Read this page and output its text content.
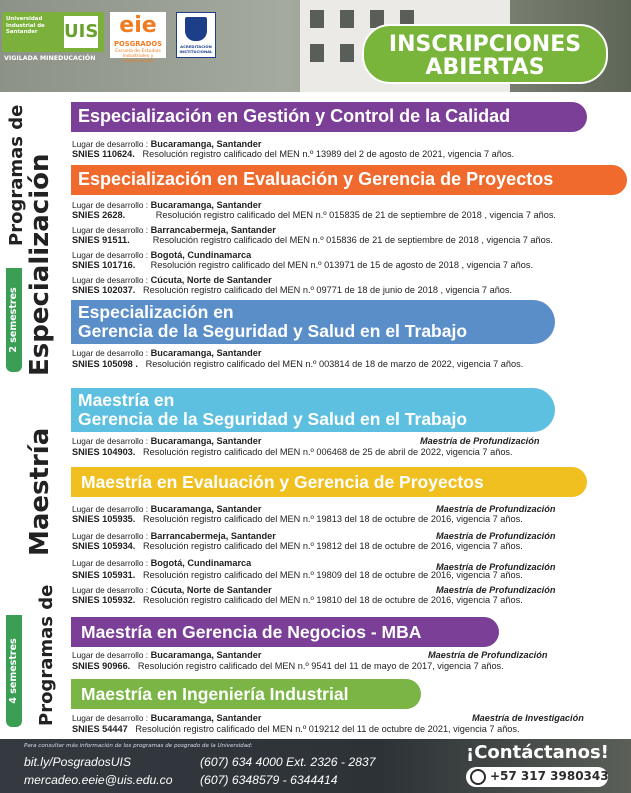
Universidad
Industrial de
Santander	UIS
VIGILADA MINEDUCACIÓN
eie
POSGRADOS
Escuela de Estudios Industriales y Empresariales
ACREDITACIÓN INSTITUCIONAL	INSCRIPCIONES
ABIERTAS
Programas de
Especialización
2 semestres
Programas de
Maestría
4 semestres
Especialización en Gestión y Control de la Calidad
Lugar de desarrollo : Bucaramanga, Santander
SNIES 110624. Resolución registro calificado del MEN n.º 13989 del 2 de agosto de 2021, vigencia 7 años.
Especialización en Evaluación y Gerencia de Proyectos
Lugar de desarrollo : Bucaramanga, Santander
SNIES 2628.	Resolución registro calificado del MEN n.º 015835 de 21 de septiembre de 2018 , vigencia 7 años.
Lugar de desarrollo : Barrancabermeja, Santander
SNIES 91511. Resolución registro calificado del MEN n.º 015836 de 21 de septiembre de 2018 , vigencia 7 años.
Lugar de desarrollo : Bogotá, Cundinamarca
SNIES 101716. Resolución registro calificado del MEN n.º 013971 de 15 de agosto de 2018 , vigencia 7 años.
Lugar de desarrollo : Cúcuta, Norte de Santander
SNIES 102037. Resolución registro calificado del MEN n.º 09771 de 18 de junio de 2018 , vigencia 7 años.
Especialización en
Gerencia de la Seguridad y Salud en el Trabajo
Lugar de desarrollo : Bucaramanga, Santander
SNIES 105098 . Resolución registro calificado del MEN n.º 003814 de 18 de marzo de 2022, vigencia 7 años.
Maestría en
Gerencia de la Seguridad y Salud en el Trabajo
Lugar de desarrollo : Bucaramanga, Santander	Maestría de Profundización
SNIES 104903. Resolución registro calificado del MEN n.º 006468 de 25 de abril de 2022, vigencia 7 años.
Maestría en Evaluación y Gerencia de Proyectos
Lugar de desarrollo : Bucaramanga, Santander	Maestría de Profundización
SNIES 105935. Resolución registro calificado del MEN n.º 19813 del 18 de octubre de 2016, vigencia 7 años.
Lugar de desarrollo : Barrancabermeja, Santander	Maestría de Profundización
SNIES 105934. Resolución registro calificado del MEN n.º 19812 del 18 de octubre de 2016, vigencia 7 años.
Lugar de desarrollo : Bogotá, Cundinamarca	Maestría de Profundización
SNIES 105931. Resolución registro calificado del MEN n.º 19809 del 18 de octubre de 2016, vigencia 7 años.
Lugar de desarrollo : Cúcuta, Norte de Santander	Maestría de Profundización
SNIES 105932. Resolución registro calificado del MEN n.º 19810 del 18 de octubre de 2016, vigencia 7 años.
Maestría en Gerencia de Negocios - MBA
Lugar de desarrollo : Bucaramanga, Santander	Maestría de Profundización
SNIES 90966. Resolución registro calificado del MEN n.º 9541 del 11 de mayo de 2017, vigencia 7 años.
Maestría en Ingeniería Industrial
Lugar de desarrollo : Bucaramanga, Santander	Maestría de Investigación
SNIES 54447 Resolución registro calificado del MEN n.º 019212 del 11 de octubre de 2021, vigencia 7 años.
Para consultar más información de los programas de posgrado de la Universidad:
bit.ly/PosgradosUIS	(607) 634 4000 Ext. 2326 - 2837
mercadeo.eeie@uis.edu.co (607) 6348579 - 6344414
¡Contáctanos!
+57 317 3980343
